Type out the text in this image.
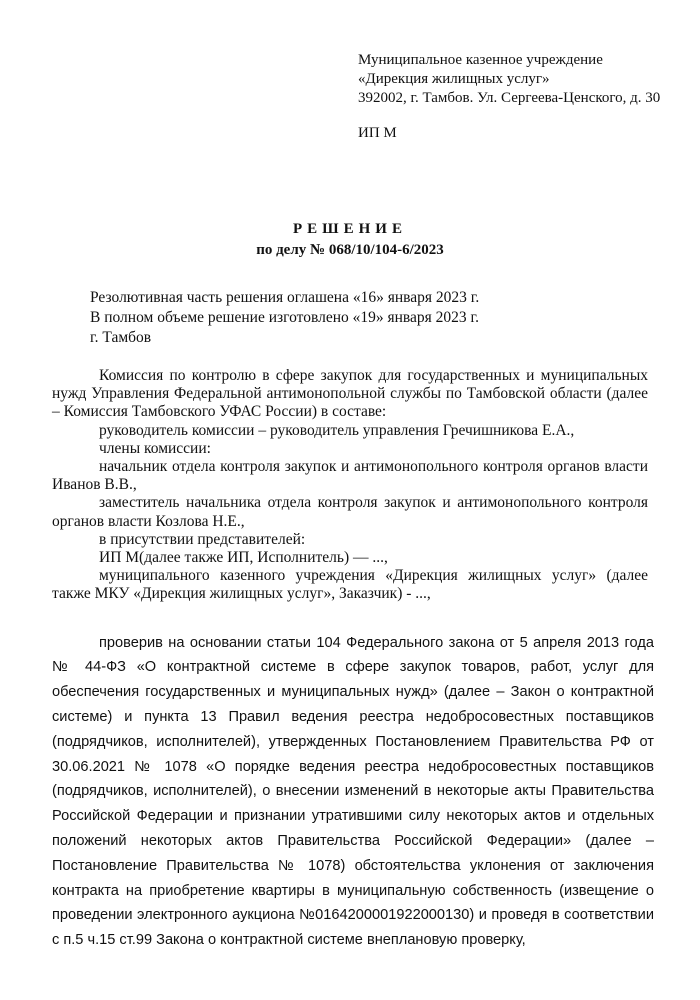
Муниципальное казенное учреждение
«Дирекция жилищных услуг»
392002, г. Тамбов. Ул. Сергеева-Ценского, д. 30
ИП М
РЕШЕНИЕ
по делу № 068/10/104-6/2023
Резолютивная часть решения оглашена «16» января 2023 г.
В полном объеме решение изготовлено «19» января 2023 г.
г. Тамбов

Комиссия по контролю в сфере закупок для государственных и муниципальных нужд Управления Федеральной антимонопольной службы по Тамбовской области (далее – Комиссия Тамбовского УФАС России) в составе:

руководитель комиссии – руководитель управления Гречишникова Е.А.,

члены комиссии:

начальник отдела контроля закупок и антимонопольного контроля органов власти Иванов В.В.,

заместитель начальника отдела контроля закупок и антимонопольного контроля органов власти Козлова Н.Е.,

в присутствии представителей:

ИП М(далее также ИП, Исполнитель) — ...,

муниципального казенного учреждения «Дирекция жилищных услуг» (далее также МКУ «Дирекция жилищных услуг», Заказчик) - ...,

проверив на основании статьи 104 Федерального закона от 5 апреля 2013 года № 44-ФЗ «О контрактной системе в сфере закупок товаров, работ, услуг для обеспечения государственных и муниципальных нужд» (далее – Закон о контрактной системе) и пункта 13 Правил ведения реестра недобросовестных поставщиков (подрядчиков, исполнителей), утвержденных Постановлением Правительства РФ от 30.06.2021 № 1078 «О порядке ведения реестра недобросовестных поставщиков (подрядчиков, исполнителей), о внесении изменений в некоторые акты Правительства Российской Федерации и признании утратившими силу некоторых актов и отдельных положений некоторых актов Правительства Российской Федерации» (далее – Постановление Правительства № 1078) обстоятельства уклонения от заключения контракта на приобретение квартиры в муниципальную собственность (извещение о проведении электронного аукциона №0164200001922000130) и проведя в соответствии с п.5 ч.15 ст.99 Закона о контрактной системе внеплановую проверку,
